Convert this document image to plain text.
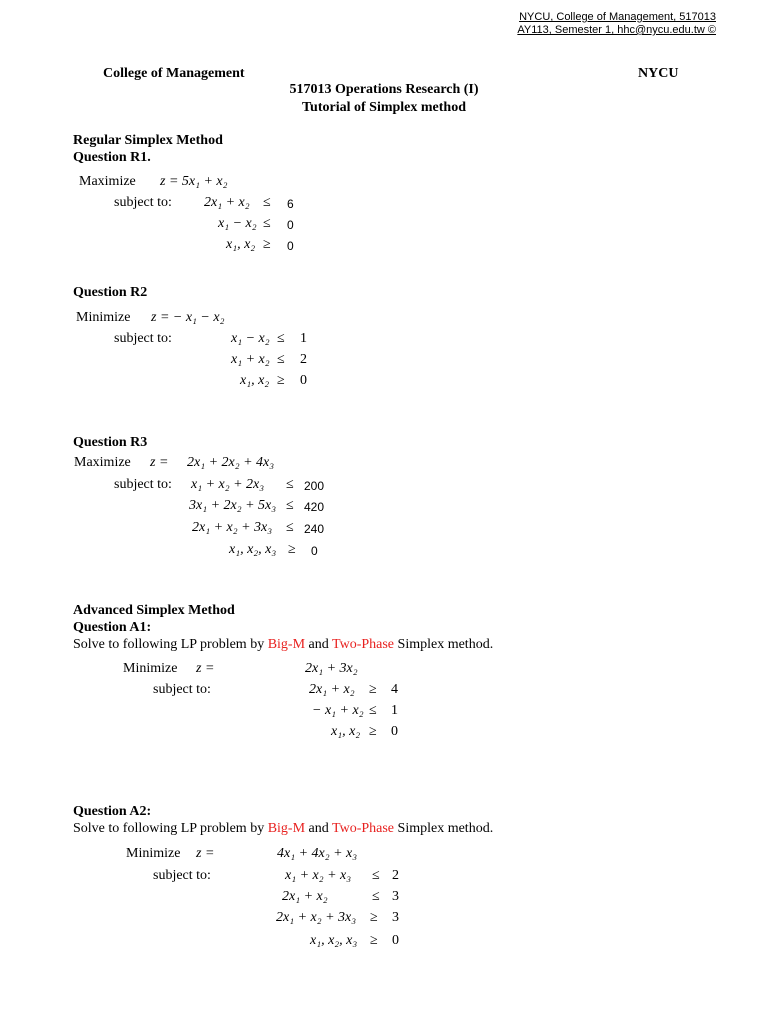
NYCU, College of Management, 517013
AY113, Semester 1, hhc@nycu.edu.tw ©
College of Management	NYCU
517013 Operations Research (I)
Tutorial of Simplex method
Regular Simplex Method
Question R1.
Maximize z = 5x₁ + x₂
subject to: 2x₁ + x₂ ≤ 6
x₁ − x₂ ≤ 0
x₁, x₂ ≥ 0
Question R2
Minimize z = − x₁ − x₂
subject to:	x₁ − x₂ ≤ 1
x₁ + x₂ ≤ 2
x₁, x₂ ≥ 0
Question R3
Maximize z = 2x₁ + 2x₂ + 4x₃
subject to: x₁ + x₂ + 2x₃ ≤ 200
3x₁ + 2x₂ + 5x₃ ≤ 420
2x₁ + x₂ + 3x₃ ≤ 240
x₁, x₂, x₃ ≥ 0
Advanced Simplex Method
Question A1:
Solve to following LP problem by Big-M and Two-Phase Simplex method.
Minimize z =	2x₁ + 3x₂
subject to:	2x₁ + x₂ ≥ 4
− x₁ + x₂ ≤ 1
x₁, x₂ ≥ 0
Question A2:
Solve to following LP problem by Big-M and Two-Phase Simplex method.
Minimize z =	4x₁ + 4x₂ + x₃
subject to:	x₁ + x₂ + x₃ ≤ 2
2x₁ + x₂	≤ 3
2x₁ + x₂ + 3x₃ ≥ 3
x₁, x₂, x₃ ≥ 0
